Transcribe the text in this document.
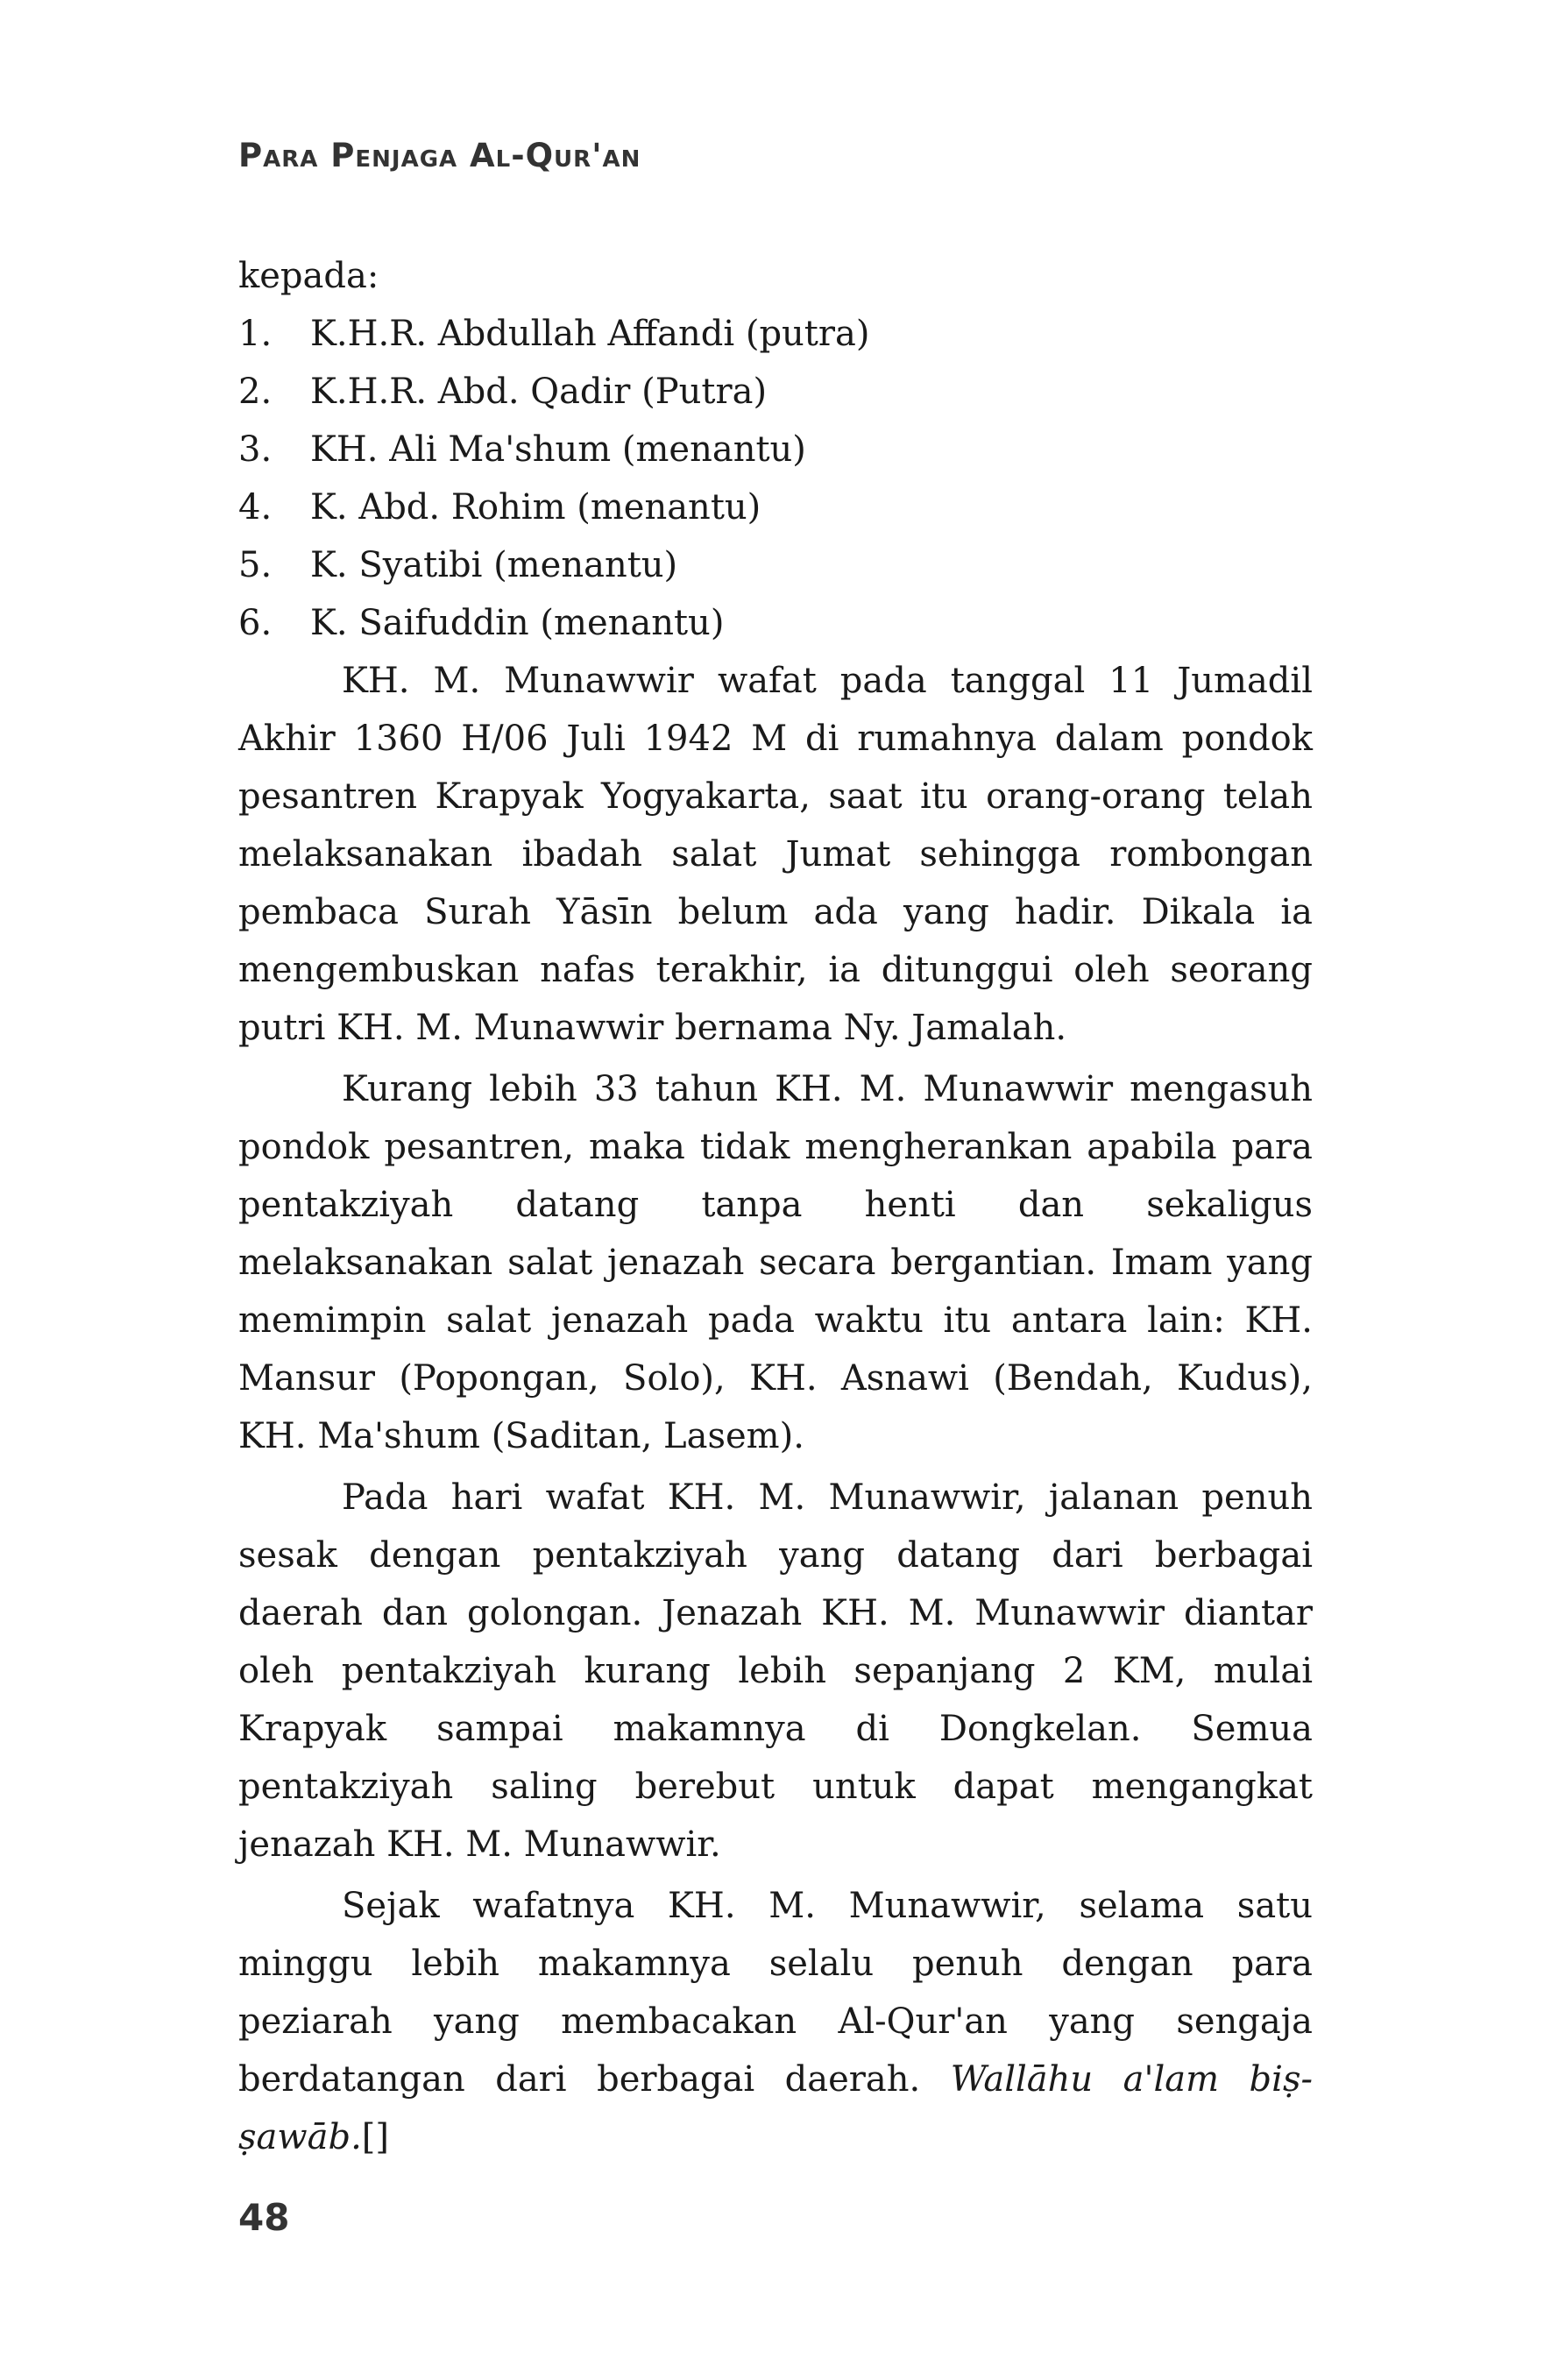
Para Penjaga Al-Qur'an

kepada:

1.	K.H.R. Abdullah Affandi (putra)
2.	K.H.R. Abd. Qadir (Putra)
3.	KH. Ali Ma'shum (menantu)
4.	K. Abd. Rohim (menantu)
5.	K. Syatibi (menantu)
6.	K. Saifuddin (menantu)

KH. M. Munawwir wafat pada tanggal 11 Jumadil Akhir 1360 H/06 Juli 1942 M di rumahnya dalam pondok pesantren Krapyak Yogyakarta, saat itu orang-orang telah melaksanakan ibadah salat Jumat sehingga rombongan pembaca Surah Yāsīn belum ada yang hadir. Dikala ia mengembuskan nafas terakhir, ia ditunggui oleh seorang putri KH. M. Munawwir bernama Ny. Jamalah.

Kurang lebih 33 tahun KH. M. Munawwir mengasuh pondok pesantren, maka tidak mengherankan apabila para pentakziyah datang tanpa henti dan sekaligus melaksanakan salat jenazah secara bergantian. Imam yang memimpin salat jenazah pada waktu itu antara lain: KH. Mansur (Popongan, Solo), KH. Asnawi (Bendah, Kudus), KH. Ma'shum (Saditan, Lasem).

Pada hari wafat KH. M. Munawwir, jalanan penuh sesak dengan pentakziyah yang datang dari berbagai daerah dan golongan. Jenazah KH. M. Munawwir diantar oleh pentakziyah kurang lebih sepanjang 2 KM, mulai Krapyak sampai makamnya di Dongkelan. Semua pentakziyah saling berebut untuk dapat mengangkat jenazah KH. M. Munawwir.

Sejak wafatnya KH. M. Munawwir, selama satu minggu lebih makamnya selalu penuh dengan para peziarah yang membacakan Al-Qur'an yang sengaja berdatangan dari berbagai daerah. Wallāhu a'lam biṣ-ṣawāb.[]

48
